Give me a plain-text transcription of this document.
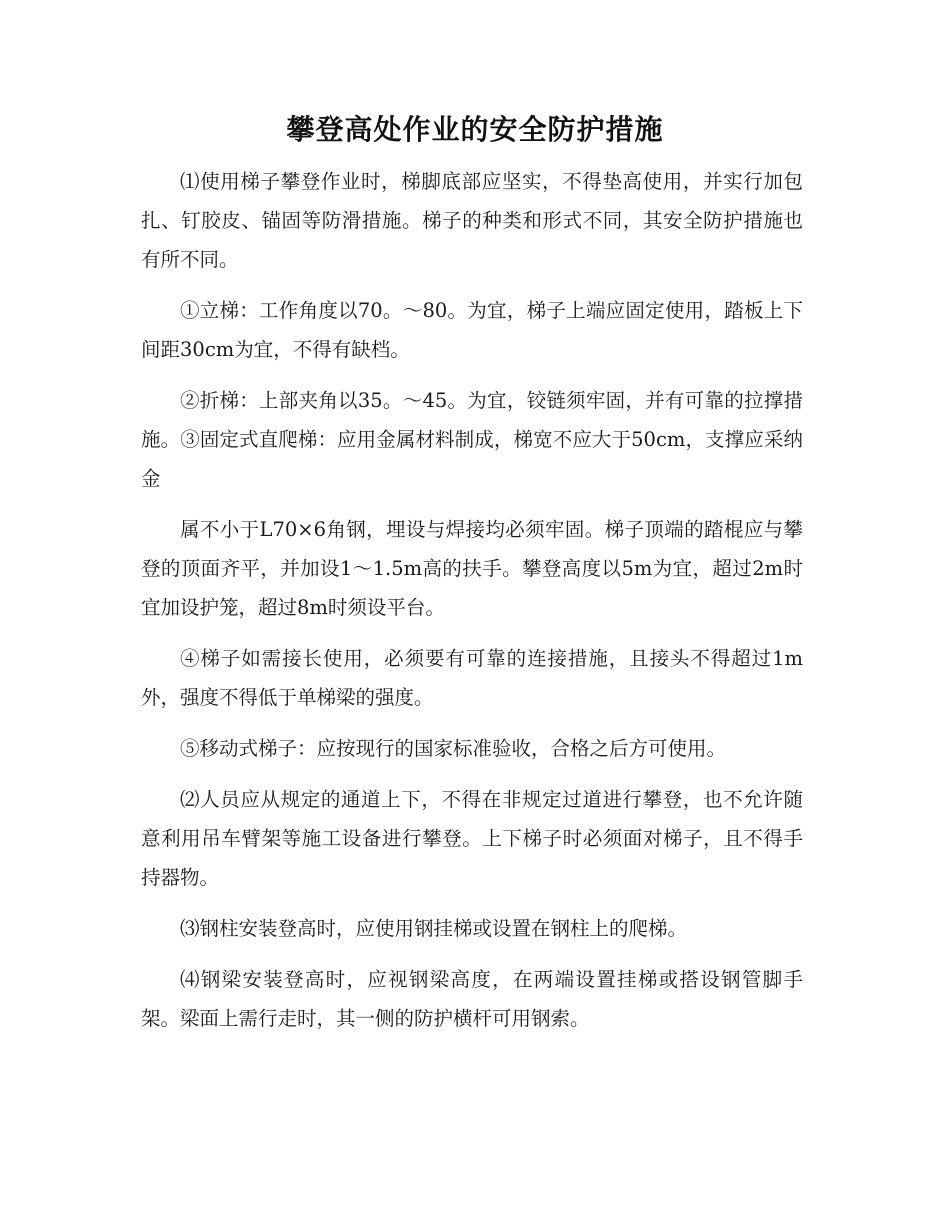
攀登高处作业的安全防护措施

⑴使用梯子攀登作业时，梯脚底部应坚实，不得垫高使用，并实行加包扎、钉胶皮、锚固等防滑措施。梯子的种类和形式不同，其安全防护措施也有所不同。

①立梯：工作角度以70。～80。为宜，梯子上端应固定使用，踏板上下间距30cm为宜，不得有缺档。

②折梯：上部夹角以35。～45。为宜，铰链须牢固，并有可靠的拉撑措施。③固定式直爬梯：应用金属材料制成，梯宽不应大于50cm，支撑应采纳金

属不小于L70×6角钢，埋设与焊接均必须牢固。梯子顶端的踏棍应与攀登的顶面齐平，并加设1～1.5m高的扶手。攀登高度以5m为宜，超过2m时宜加设护笼，超过8m时须设平台。

④梯子如需接长使用，必须要有可靠的连接措施，且接头不得超过1m外，强度不得低于单梯梁的强度。

⑤移动式梯子：应按现行的国家标准验收，合格之后方可使用。

⑵人员应从规定的通道上下，不得在非规定过道进行攀登，也不允许随意利用吊车臂架等施工设备进行攀登。上下梯子时必须面对梯子，且不得手持器物。

⑶钢柱安装登高时，应使用钢挂梯或设置在钢柱上的爬梯。

⑷钢梁安装登高时，应视钢梁高度，在两端设置挂梯或搭设钢管脚手架。梁面上需行走时，其一侧的防护横杆可用钢索。
